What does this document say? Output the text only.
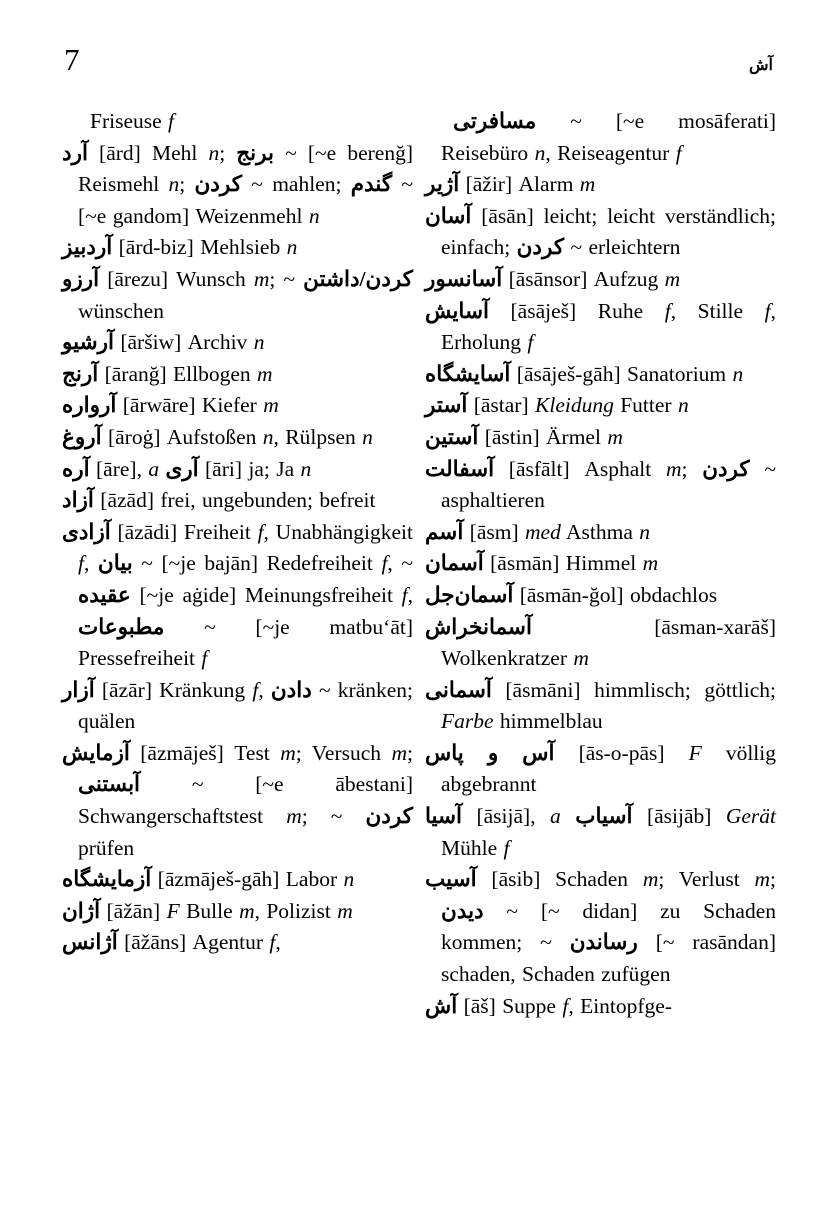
7	آش

Friseuse f

آرد [ārd] Mehl n; برنج ~ [~e berenğ] Reismehl n; كردن ~ mahlen; گندم ~ [~e gandom] Weizenmehl n

آردبیز [ārd-biz] Mehlsieb n

آرزو [ārezu] Wunsch m; ~ كردن/داشتن wünschen

آرشیو [āršiw] Archiv n

آرنج [āranğ] Ellbogen m

آرواره [ārwāre] Kiefer m

آروغ [āroġ] Aufstoßen n, Rülpsen n

آره [āre], a آرى [āri] ja; Ja n

آزاد [āzād] frei, ungebunden; befreit

آزادى [āzādi] Freiheit f, Unabhängigkeit f, بیان ~ [~je bajān] Redefreiheit f, ~ عقیده [~je aġide] Meinungsfreiheit f, مطبوعات ~ [~je matbuʻāt] Pressefreiheit f

آزار [āzār] Kränkung f, دادن ~ kränken; quälen

آزمایش [āzmāješ] Test m; Versuch m; آبستنى ~ [~e ābestani] Schwangerschaftstest m; ~ كردن prüfen

آزمایشگاه [āzmāješ-gāh] Labor n

آژان [āžān] F Bulle m, Polizist m

آژانس [āžāns] Agentur f,

مسافرتى ~ [~e mosāferati] Reisebüro n, Reiseagentur f

آژیر [āžir] Alarm m

آسان [āsān] leicht; leicht verständlich; einfach; كردن ~ erleichtern

آسانسور [āsānsor] Aufzug m

آسایش [āsāješ] Ruhe f, Stille f, Erholung f

آسایشگاه [āsāješ-gāh] Sanatorium n

آستر [āstar] Kleidung Futter n

آستین [āstin] Ärmel m

آسفالت [āsfālt] Asphalt m; كردن ~ asphaltieren

آسم [āsm] med Asthma n

آسمان [āsmān] Himmel m

آسمان‌جل [āsmān-ğol] obdachlos

آسمانخراش [āsman-xarāš] Wolkenkratzer m

آسمانى [āsmāni] himmlisch; göttlich; Farbe himmelblau

آس و پاس [ās-o-pās] F völlig abgebrannt

آسیا [āsijā], a آسیاب [āsijāb] Gerät Mühle f

آسیب [āsib] Schaden m; Verlust m; دیدن ~ [~ didan] zu Schaden kommen; ~ رساندن [~ rasāndan] schaden, Schaden zufügen

آش [āš] Suppe f, Eintopfge-
